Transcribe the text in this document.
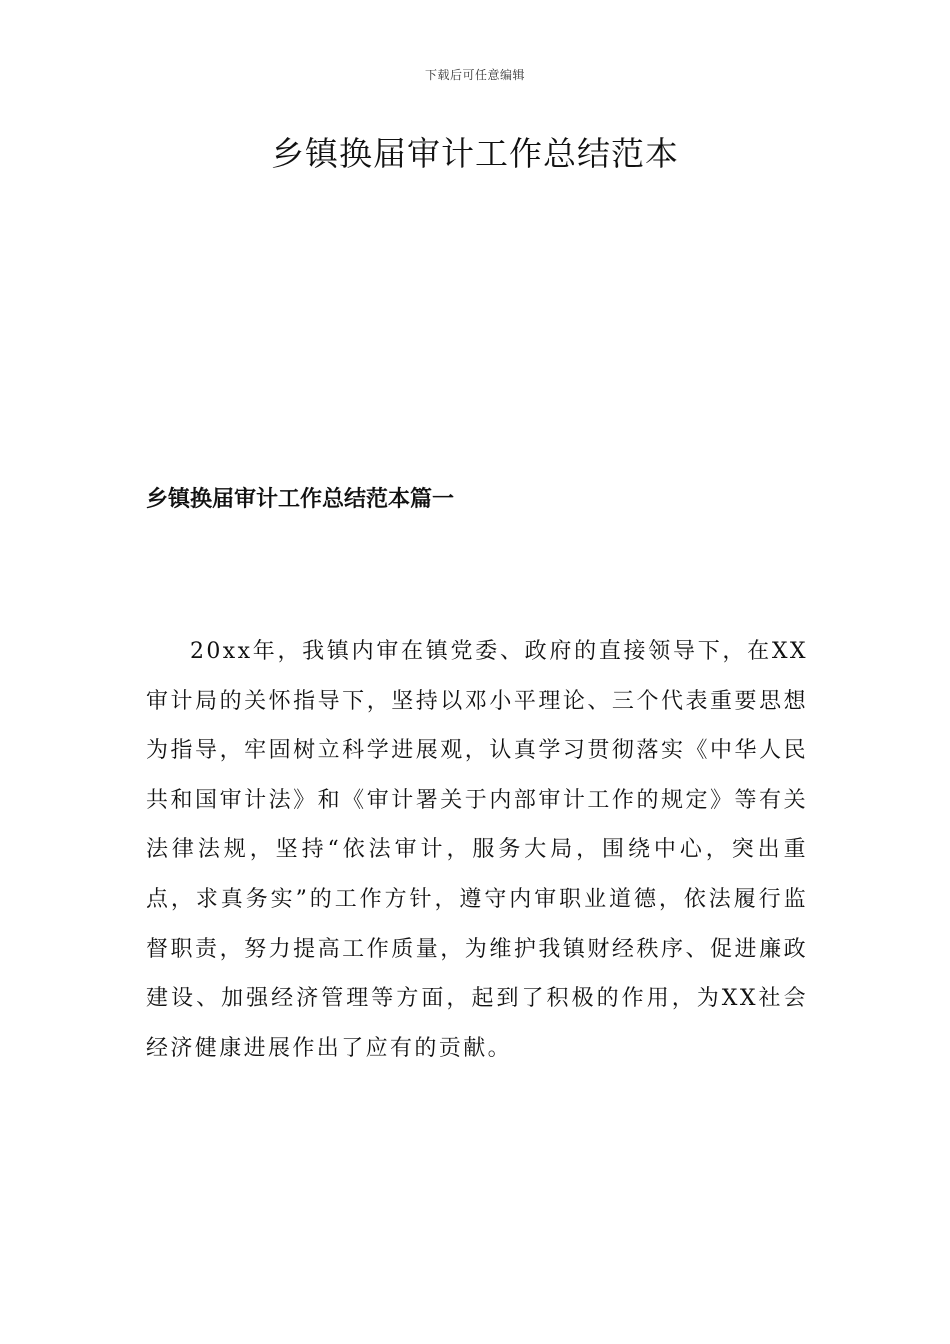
下载后可任意编辑
乡镇换届审计工作总结范本
乡镇换届审计工作总结范本篇一

20xx年，我镇内审在镇党委、政府的直接领导下，在XX审计局的关怀指导下，坚持以邓小平理论、三个代表重要思想为指导，牢固树立科学进展观，认真学习贯彻落实《中华人民共和国审计法》和《审计署关于内部审计工作的规定》等有关法律法规，坚持“依法审计，服务大局，围绕中心，突出重点，求真务实”的工作方针，遵守内审职业道德，依法履行监督职责，努力提高工作质量，为维护我镇财经秩序、促进廉政建设、加强经济管理等方面，起到了积极的作用，为XX社会经济健康进展作出了应有的贡献。
